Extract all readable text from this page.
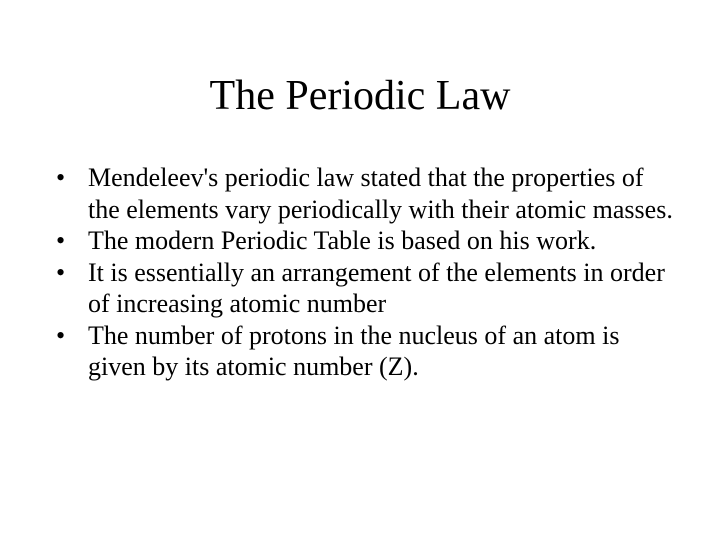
The Periodic Law
• Mendeleev's periodic law stated that the properties of the elements vary periodically with their atomic masses.
• The modern Periodic Table is based on his work.
• It is essentially an arrangement of the elements in order of increasing atomic number
• The number of protons in the nucleus of an atom is given by its atomic number (Z).
